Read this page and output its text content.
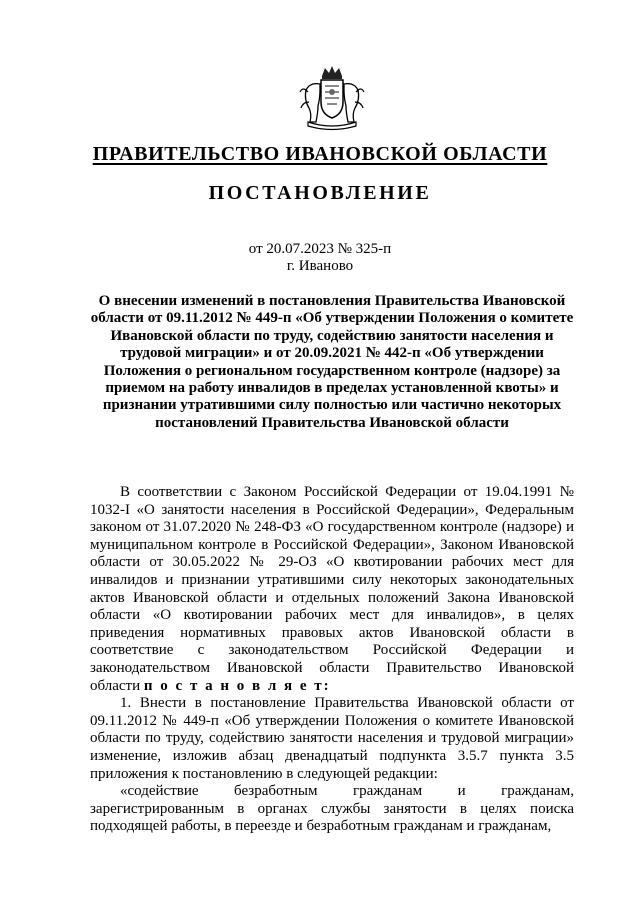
ПРАВИТЕЛЬСТВО ИВАНОВСКОЙ ОБЛАСТИ
ПОСТАНОВЛЕНИЕ
от 20.07.2023 № 325-п
г. Иваново
О внесении изменений в постановления Правительства Ивановской области от 09.11.2012 № 449-п «Об утверждении Положения о комитете Ивановской области по труду, содействию занятости населения и трудовой миграции» и от 20.09.2021 № 442-п «Об утверждении Положения о региональном государственном контроле (надзоре) за приемом на работу инвалидов в пределах установленной квоты» и признании утратившими силу полностью или частично некоторых постановлений Правительства Ивановской области

В соответствии с Законом Российской Федерации от 19.04.1991 № 1032-I «О занятости населения в Российской Федерации», Федеральным законом от 31.07.2020 № 248-ФЗ «О государственном контроле (надзоре) и муниципальном контроле в Российской Федерации», Законом Ивановской области от 30.05.2022 № 29-ОЗ «О квотировании рабочих мест для инвалидов и признании утратившими силу некоторых законодательных актов Ивановской области и отдельных положений Закона Ивановской области «О квотировании рабочих мест для инвалидов», в целях приведения нормативных правовых актов Ивановской области в соответствие с законодательством Российской Федерации и законодательством Ивановской области Правительство Ивановской области п о с т а н о в л я е т:

1. Внести в постановление Правительства Ивановской области от 09.11.2012 № 449-п «Об утверждении Положения о комитете Ивановской области по труду, содействию занятости населения и трудовой миграции» изменение, изложив абзац двенадцатый подпункта 3.5.7 пункта 3.5 приложения к постановлению в следующей редакции:

«содействие безработным гражданам и гражданам, зарегистрированным в органах службы занятости в целях поиска подходящей работы, в переезде и безработным гражданам и гражданам,
